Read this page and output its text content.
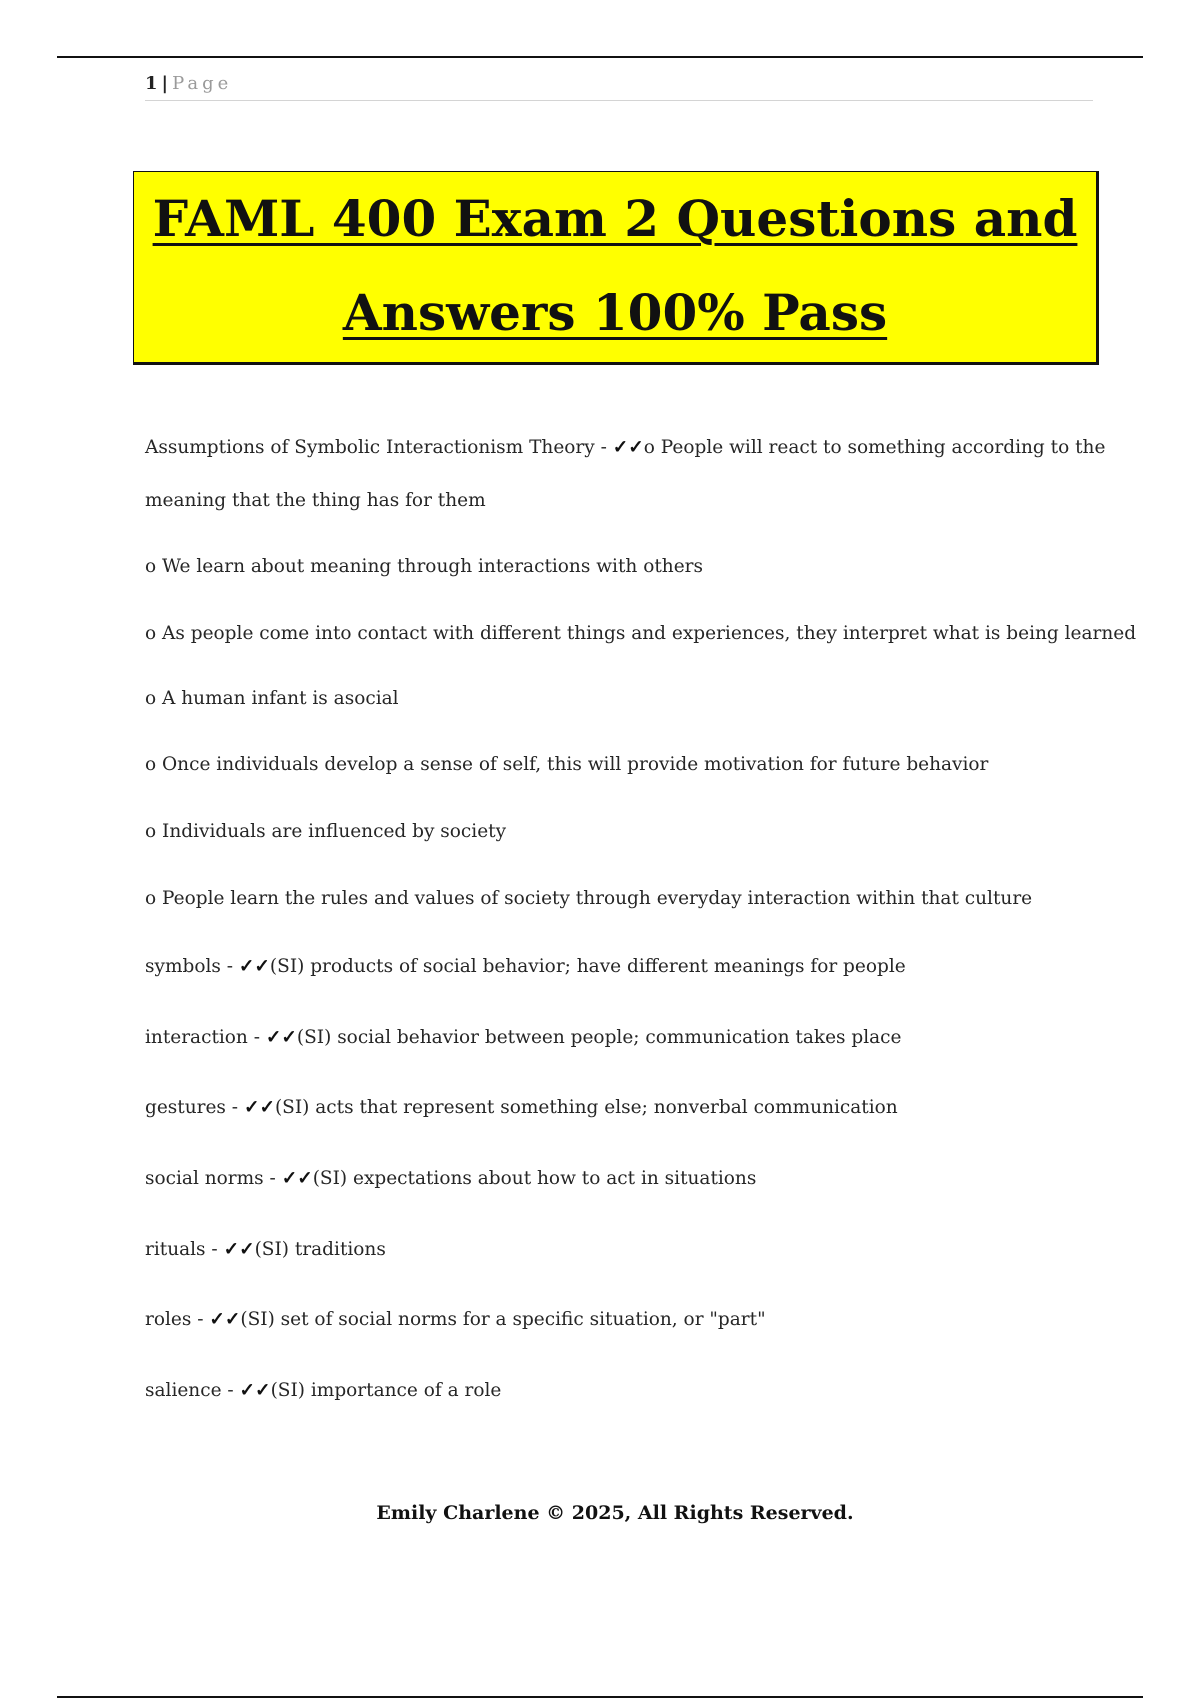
1 | Page
FAML 400 Exam 2 Questions and
Answers 100% Pass
Assumptions of Symbolic Interactionism Theory - ✓✓o People will react to something according to the
meaning that the thing has for them
o We learn about meaning through interactions with others
o As people come into contact with different things and experiences, they interpret what is being learned
o A human infant is asocial
o Once individuals develop a sense of self, this will provide motivation for future behavior
o Individuals are influenced by society
o People learn the rules and values of society through everyday interaction within that culture
symbols - ✓✓(SI) products of social behavior; have different meanings for people
interaction - ✓✓(SI) social behavior between people; communication takes place
gestures - ✓✓(SI) acts that represent something else; nonverbal communication
social norms - ✓✓(SI) expectations about how to act in situations
rituals - ✓✓(SI) traditions
roles - ✓✓(SI) set of social norms for a specific situation, or "part"
salience - ✓✓(SI) importance of a role
Emily Charlene © 2025, All Rights Reserved.
